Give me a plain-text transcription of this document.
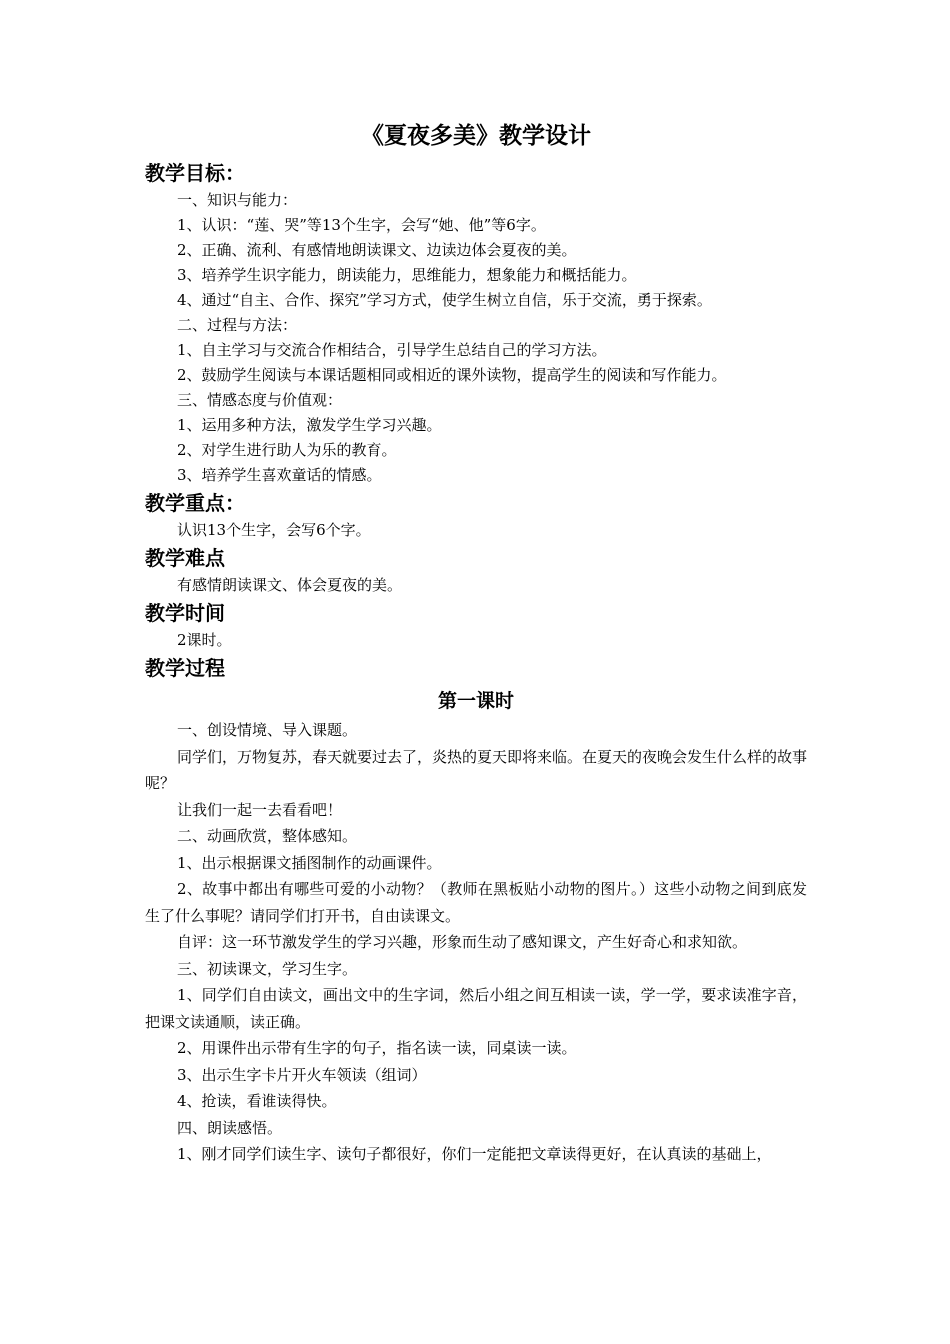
《夏夜多美》教学设计
教学目标：

一、知识与能力：

1、认识：“莲、哭”等13个生字，会写“她、他”等6字。

2、正确、流利、有感情地朗读课文、边读边体会夏夜的美。

3、培养学生识字能力，朗读能力，思维能力，想象能力和概括能力。

4、通过“自主、合作、探究”学习方式，使学生树立自信，乐于交流，勇于探索。

二、过程与方法：

1、自主学习与交流合作相结合，引导学生总结自己的学习方法。

2、鼓励学生阅读与本课话题相同或相近的课外读物，提高学生的阅读和写作能力。

三、情感态度与价值观：

1、运用多种方法，激发学生学习兴趣。

2、对学生进行助人为乐的教育。

3、培养学生喜欢童话的情感。

教学重点：

认识13个生字，会写6个字。

教学难点

有感情朗读课文、体会夏夜的美。

教学时间

2课时。

教学过程
第一课时

一、创设情境、导入课题。

同学们，万物复苏，春天就要过去了，炎热的夏天即将来临。在夏天的夜晚会发生什么样的故事呢？

让我们一起一去看看吧！

二、动画欣赏，整体感知。

1、出示根据课文插图制作的动画课件。

2、故事中都出有哪些可爱的小动物？（教师在黑板贴小动物的图片。）这些小动物之间到底发生了什么事呢？请同学们打开书，自由读课文。

自评：这一环节激发学生的学习兴趣，形象而生动了感知课文，产生好奇心和求知欲。

三、初读课文，学习生字。

1、同学们自由读文，画出文中的生字词，然后小组之间互相读一读，学一学，要求读准字音，把课文读通顺，读正确。

2、用课件出示带有生字的句子，指名读一读，同桌读一读。

3、出示生字卡片开火车领读（组词）

4、抢读，看谁读得快。

四、朗读感悟。

1、刚才同学们读生字、读句子都很好，你们一定能把文章读得更好，在认真读的基础上，
